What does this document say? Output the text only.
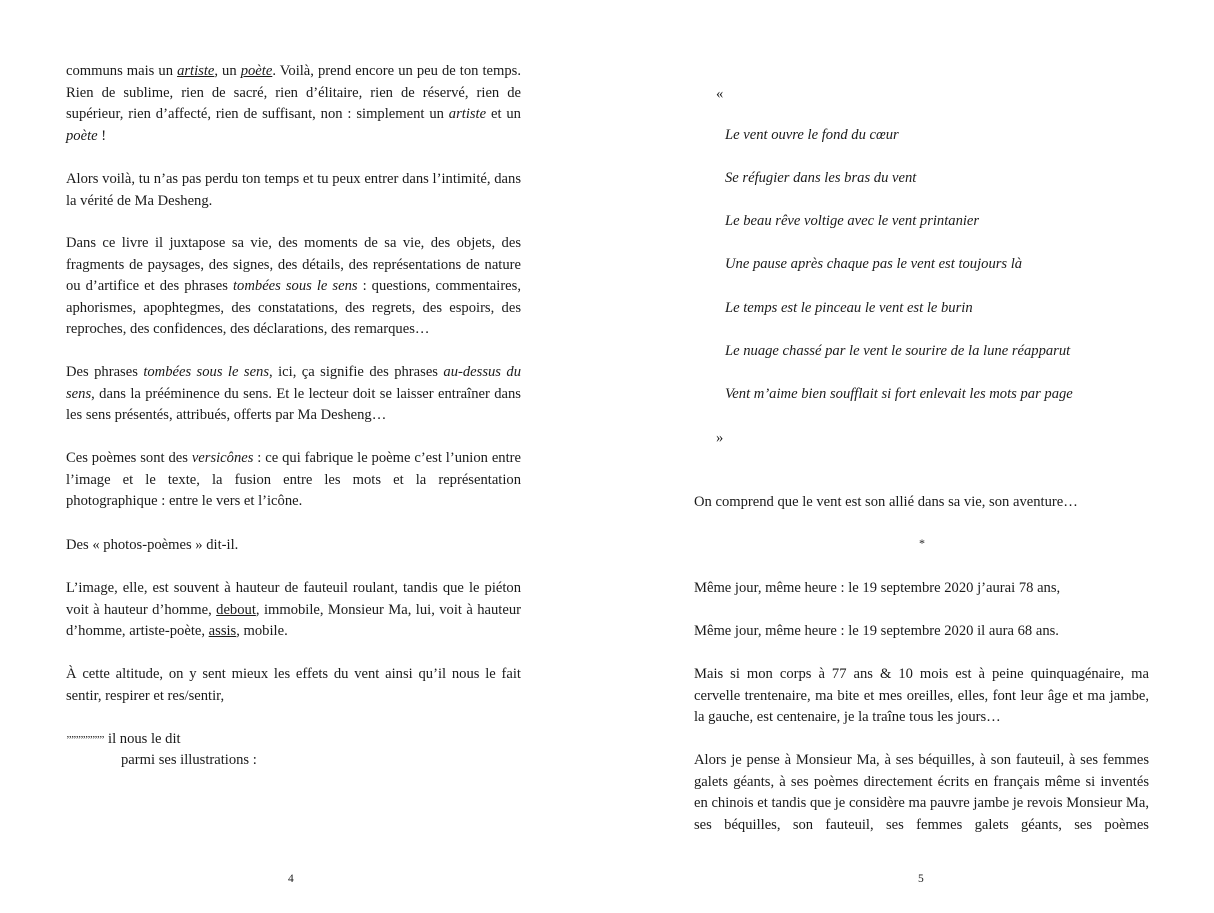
communs mais un artiste, un poète. Voilà, prend encore un peu de ton temps. Rien de sublime, rien de sacré, rien d’élitaire, rien de réservé, rien de supérieur, rien d’affecté, rien de suffisant, non : simplement un artiste et un poète !

Alors voilà, tu n’as pas perdu ton temps et tu peux entrer dans l’intimité, dans la vérité de Ma Desheng.

Dans ce livre il juxtapose sa vie, des moments de sa vie, des objets, des fragments de paysages, des signes, des détails, des représentations de nature ou d’artifice et des phrases tombées sous le sens : questions, commentaires, aphorismes, apophtegmes, des constatations, des regrets, des espoirs, des reproches, des confidences, des déclarations, des remarques…

Des phrases tombées sous le sens, ici, ça signifie des phrases au-dessus du sens, dans la prééminence du sens. Et le lecteur doit se laisser entraîner dans les sens présentés, attribués, offerts par Ma Desheng…

Ces poèmes sont des versicônes : ce qui fabrique le poème c’est l’union entre l’image et le texte, la fusion entre les mots et la représentation photographique : entre le vers et l’icône.

Des « photos-poèmes » dit-il.

L’image, elle, est souvent à hauteur de fauteuil roulant, tandis que le piéton voit à hauteur d’homme, debout, immobile, Monsieur Ma, lui, voit à hauteur d’homme, artiste-poète, assis, mobile.

À cette altitude, on y sent mieux les effets du vent ainsi qu’il nous le fait sentir, respirer et res/sentir,

’’’’’’’’’’’’’’’’ il nous le dit
parmi ses illustrations :
4
«
Le vent ouvre le fond du cœur
Se réfugier dans les bras du vent
Le beau rêve voltige avec le vent printanier
Une pause après chaque pas le vent est toujours là
Le temps est le pinceau le vent est le burin
Le nuage chassé par le vent le sourire de la lune réapparut
Vent m’aime bien soufflait si fort enlevait les mots par page
»

On comprend que le vent est son allié dans sa vie, son aventure…

*

Même jour, même heure : le 19 septembre 2020 j’aurai 78 ans,

Même jour, même heure : le 19 septembre 2020 il aura 68 ans.

Mais si mon corps à 77 ans & 10 mois est à peine quinquagénaire, ma cervelle trentenaire, ma bite et mes oreilles, elles, font leur âge et ma jambe, la gauche, est centenaire, je la traîne tous les jours…

Alors je pense à Monsieur Ma, à ses béquilles, à son fauteuil, à ses femmes galets géants, à ses poèmes directement écrits en français même si inventés en chinois et tandis que je considère ma pauvre jambe je revois Monsieur Ma, ses béquilles, son fauteuil, ses femmes galets géants, ses poèmes

5
